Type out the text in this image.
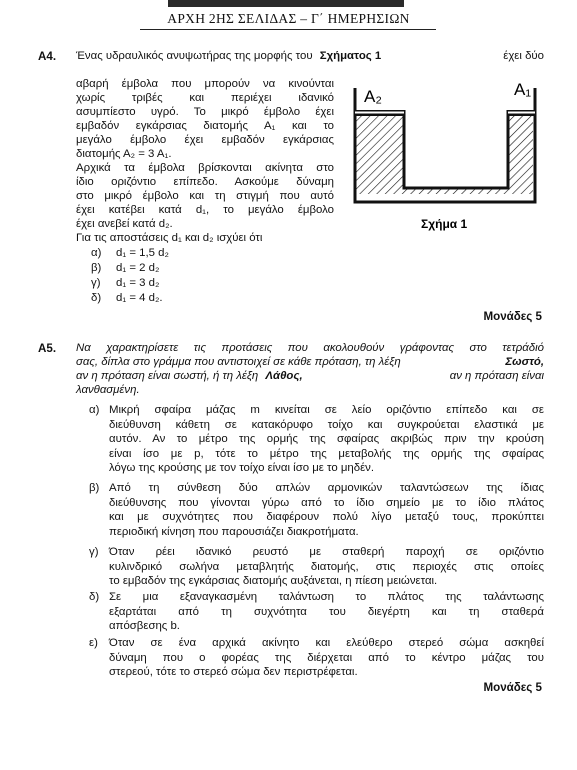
ΑΡΧΗ 2ΗΣ ΣΕΛΙΔΑΣ – Γ΄ ΗΜΕΡΗΣΙΩΝ
Α4. Ένας υδραυλικός ανυψωτήρας της μορφής του Σχήματος 1	έχει δύο
αβαρή έμβολα που μπορούν να κινούνται
χωρίς τριβές και περιέχει ιδανικό
ασυμπίεστο υγρό. Το μικρό έμβολο έχει
εμβαδόν εγκάρσιας διατομής Α₁ και το
μεγάλο έμβολο έχει εμβαδόν εγκάρσιας
διατομής Α₂ = 3 Α₁.
Αρχικά τα έμβολα βρίσκονται ακίνητα στο
ίδιο οριζόντιο επίπεδο. Ασκούμε δύναμη
στο μικρό έμβολο και τη στιγμή που αυτό
έχει κατέβει κατά d₁, το μεγάλο έμβολο
έχει ανεβεί κατά d₂.
Για τις αποστάσεις d₁ και d₂ ισχύει ότι
A₂	A₁
Σχήμα 1
α) d₁ = 1,5 d₂
β) d₁ = 2 d₂
γ) d₁ = 3 d₂
δ) d₁ = 4 d₂.
Μονάδες 5
Α5. Να χαρακτηρίσετε τις προτάσεις που ακολουθούν γράφοντας στο τετράδιό
σας, δίπλα στο γράμμα που αντιστοιχεί σε κάθε πρόταση, τη λέξη	Σωστό,
αν η πρόταση είναι σωστή, ή τη λέξη Λάθος,	αν η πρόταση είναι
λανθασμένη.
α) Μικρή σφαίρα μάζας m κινείται σε λείο οριζόντιο επίπεδο και σε
διεύθυνση κάθετη σε κατακόρυφο τοίχο και συγκρούεται ελαστικά με
αυτόν. Αν το μέτρο της ορμής της σφαίρας ακριβώς πριν την κρούση
είναι ίσο με p, τότε το μέτρο της μεταβολής της ορμής της σφαίρας
λόγω της κρούσης με τον τοίχο είναι ίσο με το μηδέν.
β) Από τη σύνθεση δύο απλών αρμονικών ταλαντώσεων της ίδιας
διεύθυνσης που γίνονται γύρω από το ίδιο σημείο με το ίδιο πλάτος
και με συχνότητες που διαφέρουν πολύ λίγο μεταξύ τους, προκύπτει
περιοδική κίνηση που παρουσιάζει διακροτήματα.
γ) Όταν ρέει ιδανικό ρευστό με σταθερή παροχή σε οριζόντιο
κυλινδρικό σωλήνα μεταβλητής διατομής, στις περιοχές στις οποίες
το εμβαδόν της εγκάρσιας διατομής αυξάνεται, η πίεση μειώνεται.
δ) Σε μια εξαναγκασμένη ταλάντωση το πλάτος της ταλάντωσης
εξαρτάται από τη συχνότητα του διεγέρτη και τη σταθερά
απόσβεσης b.
ε) Όταν σε ένα αρχικά ακίνητο και ελεύθερο στερεό σώμα ασκηθεί
δύναμη που ο φορέας της διέρχεται από το κέντρο μάζας του
στερεού, τότε το στερεό σώμα δεν περιστρέφεται.
Μονάδες 5
